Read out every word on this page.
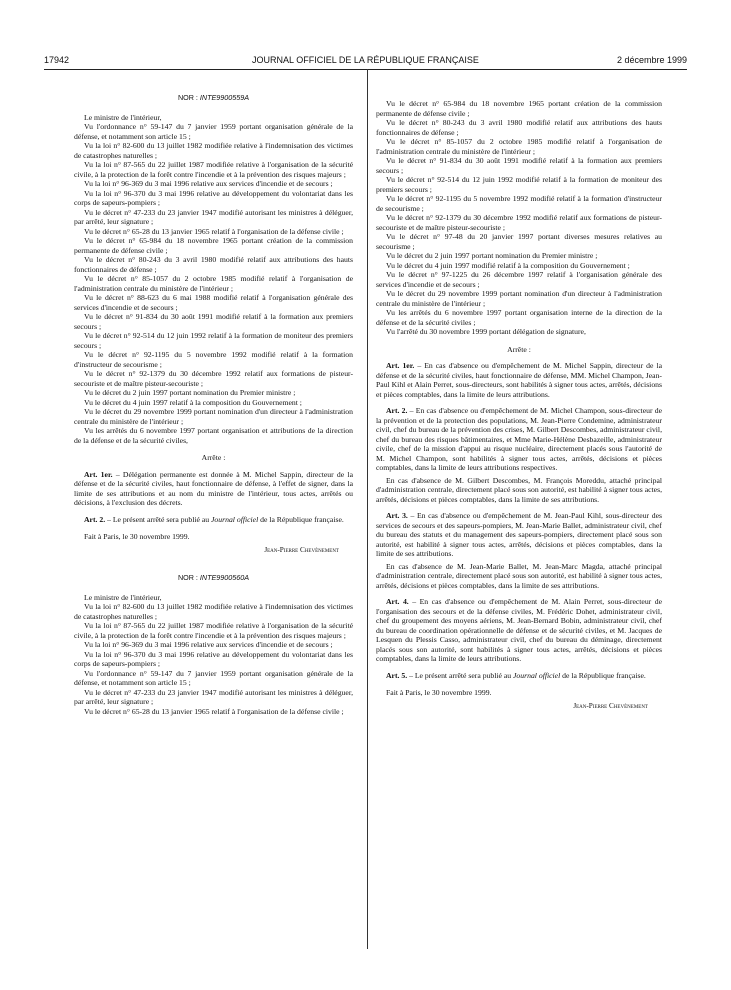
17942	JOURNAL OFFICIEL DE LA RÉPUBLIQUE FRANÇAISE	2 décembre 1999
NOR : INTE9900559A

Le ministre de l'intérieur,

Vu l'ordonnance n° 59-147 du 7 janvier 1959 portant organisation générale de la défense, et notamment son article 15 ;

Vu la loi n° 82-600 du 13 juillet 1982 modifiée relative à l'indemnisation des victimes de catastrophes naturelles ;

Vu la loi n° 87-565 du 22 juillet 1987 modifiée relative à l'organisation de la sécurité civile, à la protection de la forêt contre l'incendie et à la prévention des risques majeurs ;

Vu la loi n° 96-369 du 3 mai 1996 relative aux services d'incendie et de secours ;

Vu la loi n° 96-370 du 3 mai 1996 relative au développement du volontariat dans les corps de sapeurs-pompiers ;

Vu le décret n° 47-233 du 23 janvier 1947 modifié autorisant les ministres à déléguer, par arrêté, leur signature ;

Vu le décret n° 65-28 du 13 janvier 1965 relatif à l'organisation de la défense civile ;

Vu le décret n° 65-984 du 18 novembre 1965 portant création de la commission permanente de défense civile ;

Vu le décret n° 80-243 du 3 avril 1980 modifié relatif aux attributions des hauts fonctionnaires de défense ;

Vu le décret n° 85-1057 du 2 octobre 1985 modifié relatif à l'organisation de l'administration centrale du ministère de l'intérieur ;

Vu le décret n° 88-623 du 6 mai 1988 modifié relatif à l'organisation générale des services d'incendie et de secours ;

Vu le décret n° 91-834 du 30 août 1991 modifié relatif à la formation aux premiers secours ;

Vu le décret n° 92-514 du 12 juin 1992 relatif à la formation de moniteur des premiers secours ;

Vu le décret n° 92-1195 du 5 novembre 1992 modifié relatif à la formation d'instructeur de secourisme ;

Vu le décret n° 92-1379 du 30 décembre 1992 relatif aux formations de pisteur-secouriste et de maître pisteur-secouriste ;

Vu le décret du 2 juin 1997 portant nomination du Premier ministre ;

Vu le décret du 4 juin 1997 relatif à la composition du Gouvernement ;

Vu le décret du 29 novembre 1999 portant nomination d'un directeur à l'administration centrale du ministère de l'intérieur ;

Vu les arrêtés du 6 novembre 1997 portant organisation et attributions de la direction de la défense et de la sécurité civiles,

Arrête :

Art. 1er. – Délégation permanente est donnée à M. Michel Sappin, directeur de la défense et de la sécurité civiles, haut fonctionnaire de défense, à l'effet de signer, dans la limite de ses attributions et au nom du ministre de l'intérieur, tous actes, arrêtés ou décisions, à l'exclusion des décrets.

Art. 2. – Le présent arrêté sera publié au Journal officiel de la République française.

Fait à Paris, le 30 novembre 1999.

Jean-Pierre Chevènement

NOR : INTE9900560A

Le ministre de l'intérieur,

Vu la loi n° 82-600 du 13 juillet 1982 modifiée relative à l'indemnisation des victimes de catastrophes naturelles ;

Vu la loi n° 87-565 du 22 juillet 1987 modifiée relative à l'organisation de la sécurité civile, à la protection de la forêt contre l'incendie et à la prévention des risques majeurs ;

Vu la loi n° 96-369 du 3 mai 1996 relative aux services d'incendie et de secours ;

Vu la loi n° 96-370 du 3 mai 1996 relative au développement du volontariat dans les corps de sapeurs-pompiers ;

Vu l'ordonnance n° 59-147 du 7 janvier 1959 portant organisation générale de la défense, et notamment son article 15 ;

Vu le décret n° 47-233 du 23 janvier 1947 modifié autorisant les ministres à déléguer, par arrêté, leur signature ;

Vu le décret n° 65-28 du 13 janvier 1965 relatif à l'organisation de la défense civile ;

Vu le décret n° 65-984 du 18 novembre 1965 portant création de la commission permanente de défense civile ;

Vu le décret n° 80-243 du 3 avril 1980 modifié relatif aux attributions des hauts fonctionnaires de défense ;

Vu le décret n° 85-1057 du 2 octobre 1985 modifié relatif à l'organisation de l'administration centrale du ministère de l'intérieur ;

Vu le décret n° 91-834 du 30 août 1991 modifié relatif à la formation aux premiers secours ;

Vu le décret n° 92-514 du 12 juin 1992 modifié relatif à la formation de moniteur des premiers secours ;

Vu le décret n° 92-1195 du 5 novembre 1992 modifié relatif à la formation d'instructeur de secourisme ;

Vu le décret n° 92-1379 du 30 décembre 1992 modifié relatif aux formations de pisteur-secouriste et de maître pisteur-secouriste ;

Vu le décret n° 97-48 du 20 janvier 1997 portant diverses mesures relatives au secourisme ;

Vu le décret du 2 juin 1997 portant nomination du Premier ministre ;

Vu le décret du 4 juin 1997 modifié relatif à la composition du Gouvernement ;

Vu le décret n° 97-1225 du 26 décembre 1997 relatif à l'organisation générale des services d'incendie et de secours ;

Vu le décret du 29 novembre 1999 portant nomination d'un directeur à l'administration centrale du ministère de l'intérieur ;

Vu les arrêtés du 6 novembre 1997 portant organisation interne de la direction de la défense et de la sécurité civiles ;

Vu l'arrêté du 30 novembre 1999 portant délégation de signature,

Arrête :

Art. 1er. – En cas d'absence ou d'empêchement de M. Michel Sappin, directeur de la défense et de la sécurité civiles, haut fonctionnaire de défense, MM. Michel Champon, Jean-Paul Kihl et Alain Perret, sous-directeurs, sont habilités à signer tous actes, arrêtés, décisions et pièces comptables, dans la limite de leurs attributions.

Art. 2. – En cas d'absence ou d'empêchement de M. Michel Champon, sous-directeur de la prévention et de la protection des populations, M. Jean-Pierre Condemine, administrateur civil, chef du bureau de la prévention des crises, M. Gilbert Descombes, administrateur civil, chef du bureau des risques bâtimentaires, et Mme Marie-Hélène Desbazeille, administrateur civile, chef de la mission d'appui au risque nucléaire, directement placés sous l'autorité de M. Michel Champon, sont habilités à signer tous actes, arrêtés, décisions et pièces comptables, dans la limite de leurs attributions respectives.

En cas d'absence de M. Gilbert Descombes, M. François Moreddu, attaché principal d'administration centrale, directement placé sous son autorité, est habilité à signer tous actes, arrêtés, décisions et pièces comptables, dans la limite de ses attributions.

Art. 3. – En cas d'absence ou d'empêchement de M. Jean-Paul Kihl, sous-directeur des services de secours et des sapeurs-pompiers, M. Jean-Marie Ballet, administrateur civil, chef du bureau des statuts et du management des sapeurs-pompiers, directement placé sous son autorité, est habilité à signer tous actes, arrêtés, décisions et pièces comptables, dans la limite de ses attributions.

En cas d'absence de M. Jean-Marie Ballet, M. Jean-Marc Magda, attaché principal d'administration centrale, directement placé sous son autorité, est habilité à signer tous actes, arrêtés, décisions et pièces comptables, dans la limite de ses attributions.

Art. 4. – En cas d'absence ou d'empêchement de M. Alain Perret, sous-directeur de l'organisation des secours et de la défense civiles, M. Frédéric Dohet, administrateur civil, chef du groupement des moyens aériens, M. Jean-Bernard Bobin, administrateur civil, chef du bureau de coordination opérationnelle de défense et de sécurité civiles, et M. Jacques de Lesquen du Plessis Casso, administrateur civil, chef du bureau du déminage, directement placés sous son autorité, sont habilités à signer tous actes, arrêtés, décisions et pièces comptables, dans la limite de leurs attributions.

Art. 5. – Le présent arrêté sera publié au Journal officiel de la République française.

Fait à Paris, le 30 novembre 1999.

Jean-Pierre Chevènement
